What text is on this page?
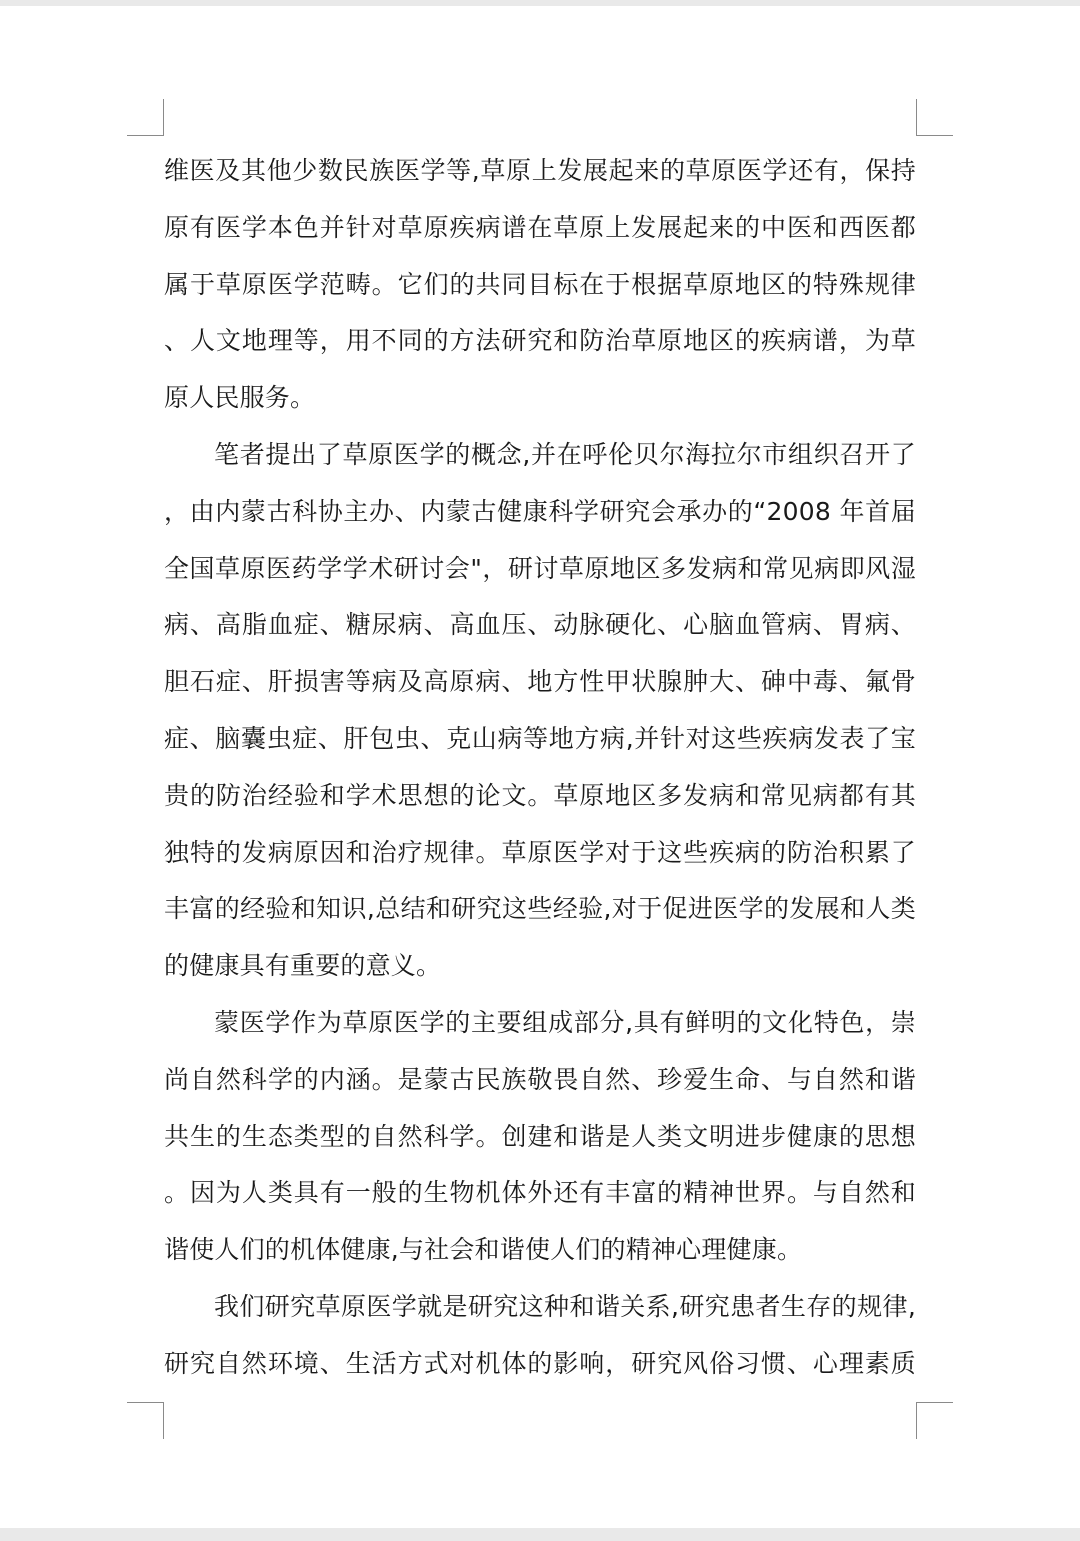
维医及其他少数民族医学等,草原上发展起来的草原医学还有，保持
原有医学本色并针对草原疾病谱在草原上发展起来的中医和西医都
属于草原医学范畴。它们的共同目标在于根据草原地区的特殊规律
、人文地理等，用不同的方法研究和防治草原地区的疾病谱，为草
原人民服务。
笔者提出了草原医学的概念,并在呼伦贝尔海拉尔市组织召开了
，由内蒙古科协主办、内蒙古健康科学研究会承办的“2008 年首届
全国草原医药学学术研讨会"，研讨草原地区多发病和常见病即风湿
病、高脂血症、糖尿病、高血压、动脉硬化、心脑血管病、胃病、
胆石症、肝损害等病及高原病、地方性甲状腺肿大、砷中毒、氟骨
症、脑囊虫症、肝包虫、克山病等地方病,并针对这些疾病发表了宝
贵的防治经验和学术思想的论文。草原地区多发病和常见病都有其
独特的发病原因和治疗规律。草原医学对于这些疾病的防治积累了
丰富的经验和知识,总结和研究这些经验,对于促进医学的发展和人类
的健康具有重要的意义。
蒙医学作为草原医学的主要组成部分,具有鲜明的文化特色，崇
尚自然科学的内涵。是蒙古民族敬畏自然、珍爱生命、与自然和谐
共生的生态类型的自然科学。创建和谐是人类文明进步健康的思想
。因为人类具有一般的生物机体外还有丰富的精神世界。与自然和
谐使人们的机体健康,与社会和谐使人们的精神心理健康。
我们研究草原医学就是研究这种和谐关系,研究患者生存的规律,
研究自然环境、生活方式对机体的影响，研究风俗习惯、心理素质
